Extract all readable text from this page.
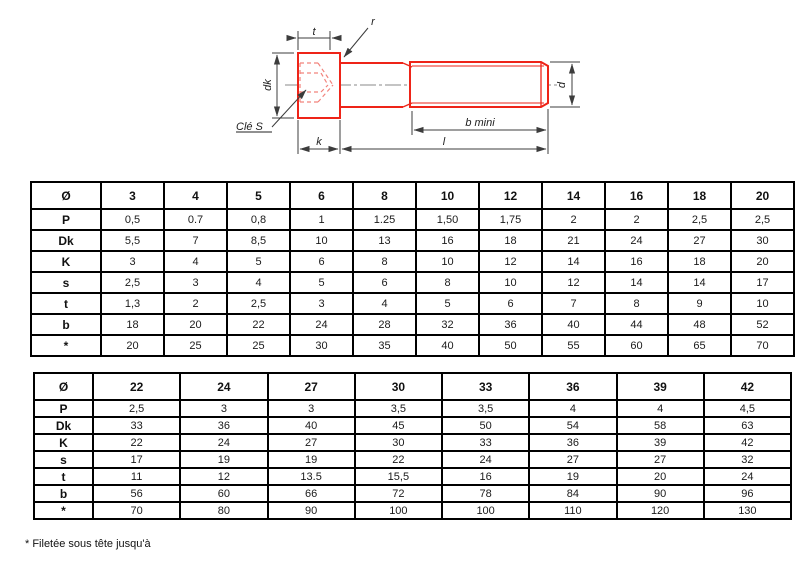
t
r
dk
Clé S
d
b mini
k	l
Ø	3	4	5	6	8	10	12	14	16	18	20
P	0,5	0.7	0,8	1	1.25	1,50	1,75	2	2	2,5	2,5
Dk	5,5	7	8,5	10	13	16	18	21	24	27	30
K	3	4	5	6	8	10	12	14	16	18	20
s	2,5	3	4	5	6	8	10	12	14	14	17
t	1,3	2	2,5	3	4	5	6	7	8	9	10
b	18	20	22	24	28	32	36	40	44	48	52
*	20	25	25	30	35	40	50	55	60	65	70
Ø	22	24	27	30	33	36	39	42
P	2,5	3	3	3,5	3,5	4	4	4,5
Dk	33	36	40	45	50	54	58	63
K	22	24	27	30	33	36	39	42
s	17	19	19	22	24	27	27	32
t	11	12	13.5	15,5	16	19	20	24
b	56	60	66	72	78	84	90	96
*	70	80	90	100	100	110	120	130
* Filetée sous tête jusqu'à
